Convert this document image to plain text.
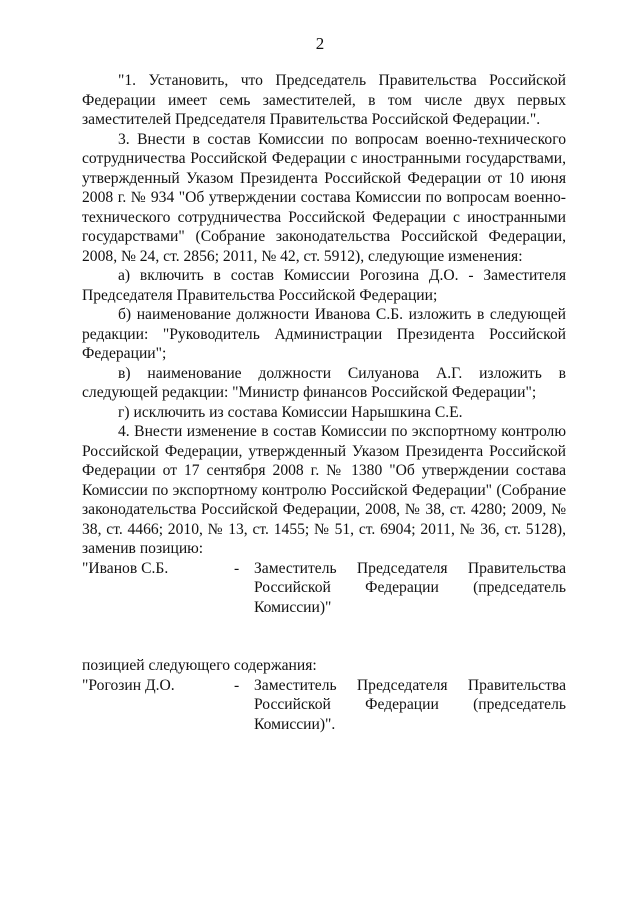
2

"1. Установить, что Председатель Правительства Российской Федерации имеет семь заместителей, в том числе двух первых заместителей Председателя Правительства Российской Федерации.".

3. Внести в состав Комиссии по вопросам военно-технического сотрудничества Российской Федерации с иностранными государствами, утвержденный Указом Президента Российской Федерации от 10 июня 2008 г. № 934 "Об утверждении состава Комиссии по вопросам военно-технического сотрудничества Российской Федерации с иностранными государствами" (Собрание законодательства Российской Федерации, 2008, № 24, ст. 2856; 2011, № 42, ст. 5912), следующие изменения:

а) включить в состав Комиссии Рогозина Д.О. - Заместителя Председателя Правительства Российской Федерации;

б) наименование должности Иванова С.Б. изложить в следующей редакции: "Руководитель Администрации Президента Российской Федерации";

в) наименование должности Силуанова А.Г. изложить в следующей редакции: "Министр финансов Российской Федерации";

г) исключить из состава Комиссии Нарышкина С.Е.

4. Внести изменение в состав Комиссии по экспортному контролю Российской Федерации, утвержденный Указом Президента Российской Федерации от 17 сентября 2008 г. № 1380 "Об утверждении состава Комиссии по экспортному контролю Российской Федерации" (Собрание законодательства Российской Федерации, 2008, № 38, ст. 4280; 2009, № 38, ст. 4466; 2010, № 13, ст. 1455; № 51, ст. 6904; 2011, № 36, ст. 5128), заменив позицию:

"Иванов С.Б.	- Заместитель Председателя Правительства
Российской Федерации (председатель
Комиссии)"

позицией следующего содержания:

"Рогозин Д.О.	- Заместитель Председателя Правительства
Российской Федерации (председатель
Комиссии)".
